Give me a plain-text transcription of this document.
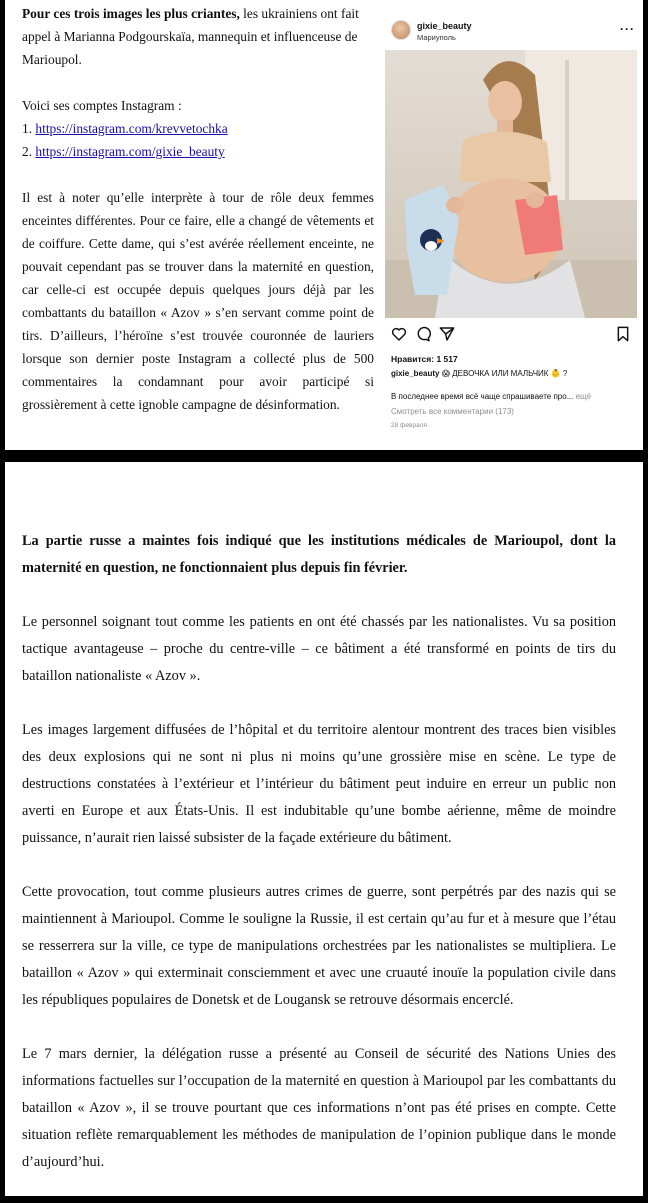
Pour ces trois images les plus criantes, les ukrainiens ont fait appel à Marianna Podgourskaïa, mannequin et influenceuse de Marioupol.

Voici ses comptes Instagram :

1. https://instagram.com/krevvetochka

2. https://instagram.com/gixie_beauty

Il est à noter qu’elle interprète à tour de rôle deux femmes enceintes différentes. Pour ce faire, elle a changé de vêtements et de coiffure. Cette dame, qui s’est avérée réellement enceinte, ne pouvait cependant pas se trouver dans la maternité en question, car celle-ci est occupée depuis quelques jours déjà par les combattants du bataillon « Azov » s’en servant comme point de tirs. D’ailleurs, l’héroïne s’est trouvée couronnée de lauriers lorsque son dernier poste Instagram a collecté plus de 500 commentaires la condamnant pour avoir participé si grossièrement à cette ignoble campagne de désinformation.

gixie_beauty
Мариуполь
···
Нравится: 1 517
gixie_beauty 😱 ДЕВОЧКА ИЛИ МАЛЬЧИК 👶 ?
В последнее время всё чаще спрашиваете про... ещё
Смотреть все комментарии (173)
28 февраля

La partie russe a maintes fois indiqué que les institutions médicales de Marioupol, dont la maternité en question, ne fonctionnaient plus depuis fin février.

Le personnel soignant tout comme les patients en ont été chassés par les nationalistes. Vu sa position tactique avantageuse – proche du centre-ville – ce bâtiment a été transformé en points de tirs du bataillon nationaliste « Azov ».

Les images largement diffusées de l’hôpital et du territoire alentour montrent des traces bien visibles des deux explosions qui ne sont ni plus ni moins qu’une grossière mise en scène. Le type de destructions constatées à l’extérieur et l’intérieur du bâtiment peut induire en erreur un public non averti en Europe et aux États-Unis. Il est indubitable qu’une bombe aérienne, même de moindre puissance, n’aurait rien laissé subsister de la façade extérieure du bâtiment.

Cette provocation, tout comme plusieurs autres crimes de guerre, sont perpétrés par des nazis qui se maintiennent à Marioupol. Comme le souligne la Russie, il est certain qu’au fur et à mesure que l’étau se resserrera sur la ville, ce type de manipulations orchestrées par les nationalistes se multipliera. Le bataillon « Azov » qui exterminait consciemment et avec une cruauté inouïe la population civile dans les républiques populaires de Donetsk et de Lougansk se retrouve désormais encerclé.

Le 7 mars dernier, la délégation russe a présenté au Conseil de sécurité des Nations Unies des informations factuelles sur l’occupation de la maternité en question à Marioupol par les combattants du bataillon « Azov », il se trouve pourtant que ces informations n’ont pas été prises en compte. Cette situation reflète remarquablement les méthodes de manipulation de l’opinion publique dans le monde d’aujourd’hui.
